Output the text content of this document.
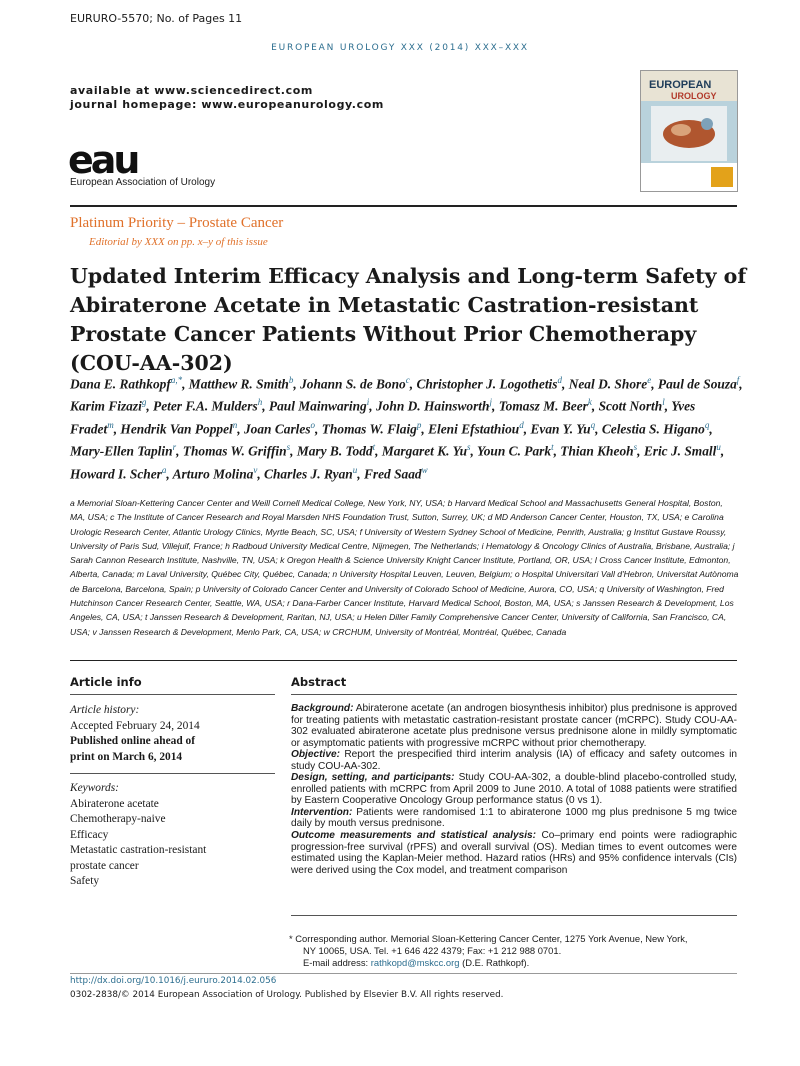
EURURO-5570; No. of Pages 11
EUROPEAN UROLOGY XXX (2014) XXX–XXX
available at www.sciencedirect.com
journal homepage: www.europeanurology.com
eau
European Association of Urology
EUROPEAN
UROLOGY
Platinum Priority – Prostate Cancer
Editorial by XXX on pp. x–y of this issue
Updated Interim Efficacy Analysis and Long-term Safety of Abiraterone Acetate in Metastatic Castration-resistant Prostate Cancer Patients Without Prior Chemotherapy (COU-AA-302)
Dana E. Rathkopf$^{a,*}$, Matthew R. Smith$^b$, Johann S. de Bono$^c$, Christopher J. Logothetis$^d$, Neal D. Shore$^e$, Paul de Souza$^f$, Karim Fizazi$^g$, Peter F.A. Mulders$^h$, Paul Mainwaring$^i$, John D. Hainsworth$^j$, Tomasz M. Beer$^k$, Scott North$^l$, Yves Fradet$^m$, Hendrik Van Poppel$^n$, Joan Carles$^o$, Thomas W. Flaig$^p$, Eleni Efstathiou$^d$, Evan Y. Yu$^q$, Celestia S. Higano$^q$, Mary-Ellen Taplin$^r$, Thomas W. Griffin$^s$, Mary B. Todd$^t$, Margaret K. Yu$^s$, Youn C. Park$^t$, Thian Kheoh$^s$, Eric J. Small$^u$, Howard I. Scher$^a$, Arturo Molina$^v$, Charles J. Ryan$^u$, Fred Saad$^w$
a Memorial Sloan-Kettering Cancer Center and Weill Cornell Medical College, New York, NY, USA; b Harvard Medical School and Massachusetts General Hospital, Boston, MA, USA; c The Institute of Cancer Research and Royal Marsden NHS Foundation Trust, Sutton, Surrey, UK; d MD Anderson Cancer Center, Houston, TX, USA; e Carolina Urologic Research Center, Atlantic Urology Clinics, Myrtle Beach, SC, USA; f University of Western Sydney School of Medicine, Penrith, Australia; g Institut Gustave Roussy, University of Paris Sud, Villejuif, France; h Radboud University Medical Centre, Nijmegen, The Netherlands; i Hematology & Oncology Clinics of Australia, Brisbane, Australia; j Sarah Cannon Research Institute, Nashville, TN, USA; k Oregon Health & Science University Knight Cancer Institute, Portland, OR, USA; l Cross Cancer Institute, Edmonton, Alberta, Canada; m Laval University, Québec City, Québec, Canada; n University Hospital Leuven, Leuven, Belgium; o Hospital Universitari Vall d'Hebron, Universitat Autònoma de Barcelona, Barcelona, Spain; p University of Colorado Cancer Center and University of Colorado School of Medicine, Aurora, CO, USA; q University of Washington, Fred Hutchinson Cancer Research Center, Seattle, WA, USA; r Dana-Farber Cancer Institute, Harvard Medical School, Boston, MA, USA; s Janssen Research & Development, Los Angeles, CA, USA; t Janssen Research & Development, Raritan, NJ, USA; u Helen Diller Family Comprehensive Cancer Center, University of California, San Francisco, CA, USA; v Janssen Research & Development, Menlo Park, CA, USA; w CRCHUM, University of Montréal, Montréal, Québec, Canada
Article info
Article history:
Accepted February 24, 2014
Published online ahead of
print on March 6, 2014
Keywords:
Abiraterone acetate
Chemotherapy-naive
Efficacy
Metastatic castration-resistant
prostate cancer
Safety
Abstract

Background: Abiraterone acetate (an androgen biosynthesis inhibitor) plus prednisone is approved for treating patients with metastatic castration-resistant prostate cancer (mCRPC). Study COU-AA-302 evaluated abiraterone acetate plus prednisone versus prednisone alone in mildly symptomatic or asymptomatic patients with progressive mCRPC without prior chemotherapy.

Objective: Report the prespecified third interim analysis (IA) of efficacy and safety outcomes in study COU-AA-302.

Design, setting, and participants: Study COU-AA-302, a double-blind placebo-controlled study, enrolled patients with mCRPC from April 2009 to June 2010. A total of 1088 patients were stratified by Eastern Cooperative Oncology Group performance status (0 vs 1).

Intervention: Patients were randomised 1:1 to abiraterone 1000 mg plus prednisone 5 mg twice daily by mouth versus prednisone.

Outcome measurements and statistical analysis: Co–primary end points were radiographic progression-free survival (rPFS) and overall survival (OS). Median times to event outcomes were estimated using the Kaplan-Meier method. Hazard ratios (HRs) and 95% confidence intervals (CIs) were derived using the Cox model, and treatment comparison

* Corresponding author. Memorial Sloan-Kettering Cancer Center, 1275 York Avenue, New York,
NY 10065, USA. Tel. +1 646 422 4379; Fax: +1 212 988 0701.
E-mail address: rathkopd@mskcc.org (D.E. Rathkopf).
http://dx.doi.org/10.1016/j.eururo.2014.02.056
0302-2838/© 2014 European Association of Urology. Published by Elsevier B.V. All rights reserved.
